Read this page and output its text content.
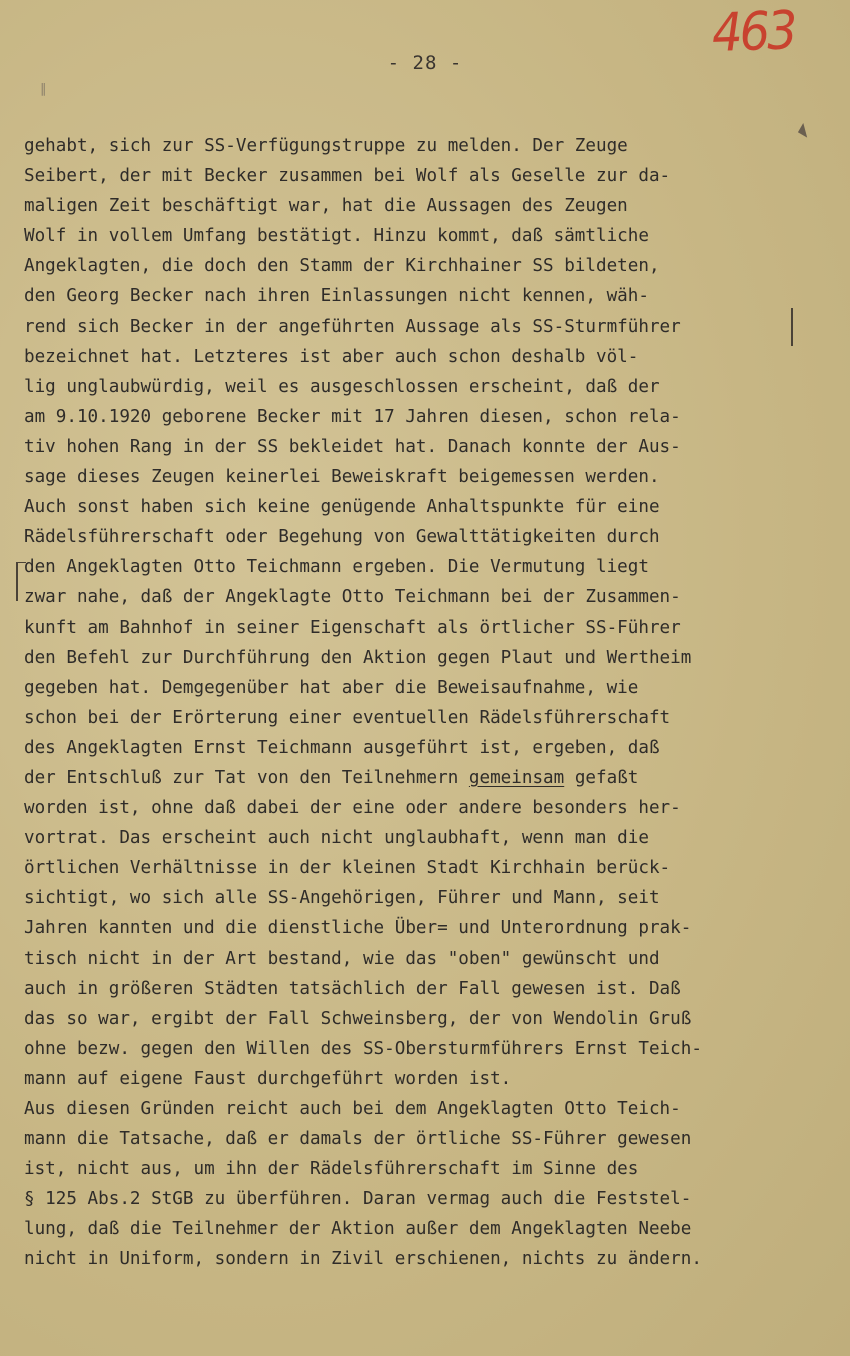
463
- 28 -
∥
◣
gehabt, sich zur SS-Verfügungstruppe zu melden. Der Zeuge
Seibert, der mit Becker zusammen bei Wolf als Geselle zur da-
maligen Zeit beschäftigt war, hat die Aussagen des Zeugen
Wolf in vollem Umfang bestätigt. Hinzu kommt, daß sämtliche
Angeklagten, die doch den Stamm der Kirchhainer SS bildeten,
den Georg Becker nach ihren Einlassungen nicht kennen, wäh-
rend sich Becker in der angeführten Aussage als SS-Sturmführer
bezeichnet hat. Letzteres ist aber auch schon deshalb völ-
lig unglaubwürdig, weil es ausgeschlossen erscheint, daß der
am 9.10.1920 geborene Becker mit 17 Jahren diesen, schon rela-
tiv hohen Rang in der SS bekleidet hat. Danach konnte der Aus-
sage dieses Zeugen keinerlei Beweiskraft beigemessen werden.
Auch sonst haben sich keine genügende Anhaltspunkte für eine
Rädelsführerschaft oder Begehung von Gewalttätigkeiten durch
den Angeklagten Otto Teichmann ergeben. Die Vermutung liegt
zwar nahe, daß der Angeklagte Otto Teichmann bei der Zusammen-
kunft am Bahnhof in seiner Eigenschaft als örtlicher SS-Führer
den Befehl zur Durchführung den Aktion gegen Plaut und Wertheim
gegeben hat. Demgegenüber hat aber die Beweisaufnahme, wie
schon bei der Erörterung einer eventuellen Rädelsführerschaft
des Angeklagten Ernst Teichmann ausgeführt ist, ergeben, daß
der Entschluß zur Tat von den Teilnehmern gemeinsam gefaßt
worden ist, ohne daß dabei der eine oder andere besonders her-
vortrat. Das erscheint auch nicht unglaubhaft, wenn man die
örtlichen Verhältnisse in der kleinen Stadt Kirchhain berück-
sichtigt, wo sich alle SS-Angehörigen, Führer und Mann, seit
Jahren kannten und die dienstliche Über= und Unterordnung prak-
tisch nicht in der Art bestand, wie das "oben" gewünscht und
auch in größeren Städten tatsächlich der Fall gewesen ist. Daß
das so war, ergibt der Fall Schweinsberg, der von Wendolin Gruß
ohne bezw. gegen den Willen des SS-Obersturmführers Ernst Teich-
mann auf eigene Faust durchgeführt worden ist.
Aus diesen Gründen reicht auch bei dem Angeklagten Otto Teich-
mann die Tatsache, daß er damals der örtliche SS-Führer gewesen
ist, nicht aus, um ihn der Rädelsführerschaft im Sinne des
§ 125 Abs.2 StGB zu überführen. Daran vermag auch die Feststel-
lung, daß die Teilnehmer der Aktion außer dem Angeklagten Neebe
nicht in Uniform, sondern in Zivil erschienen, nichts zu ändern.
